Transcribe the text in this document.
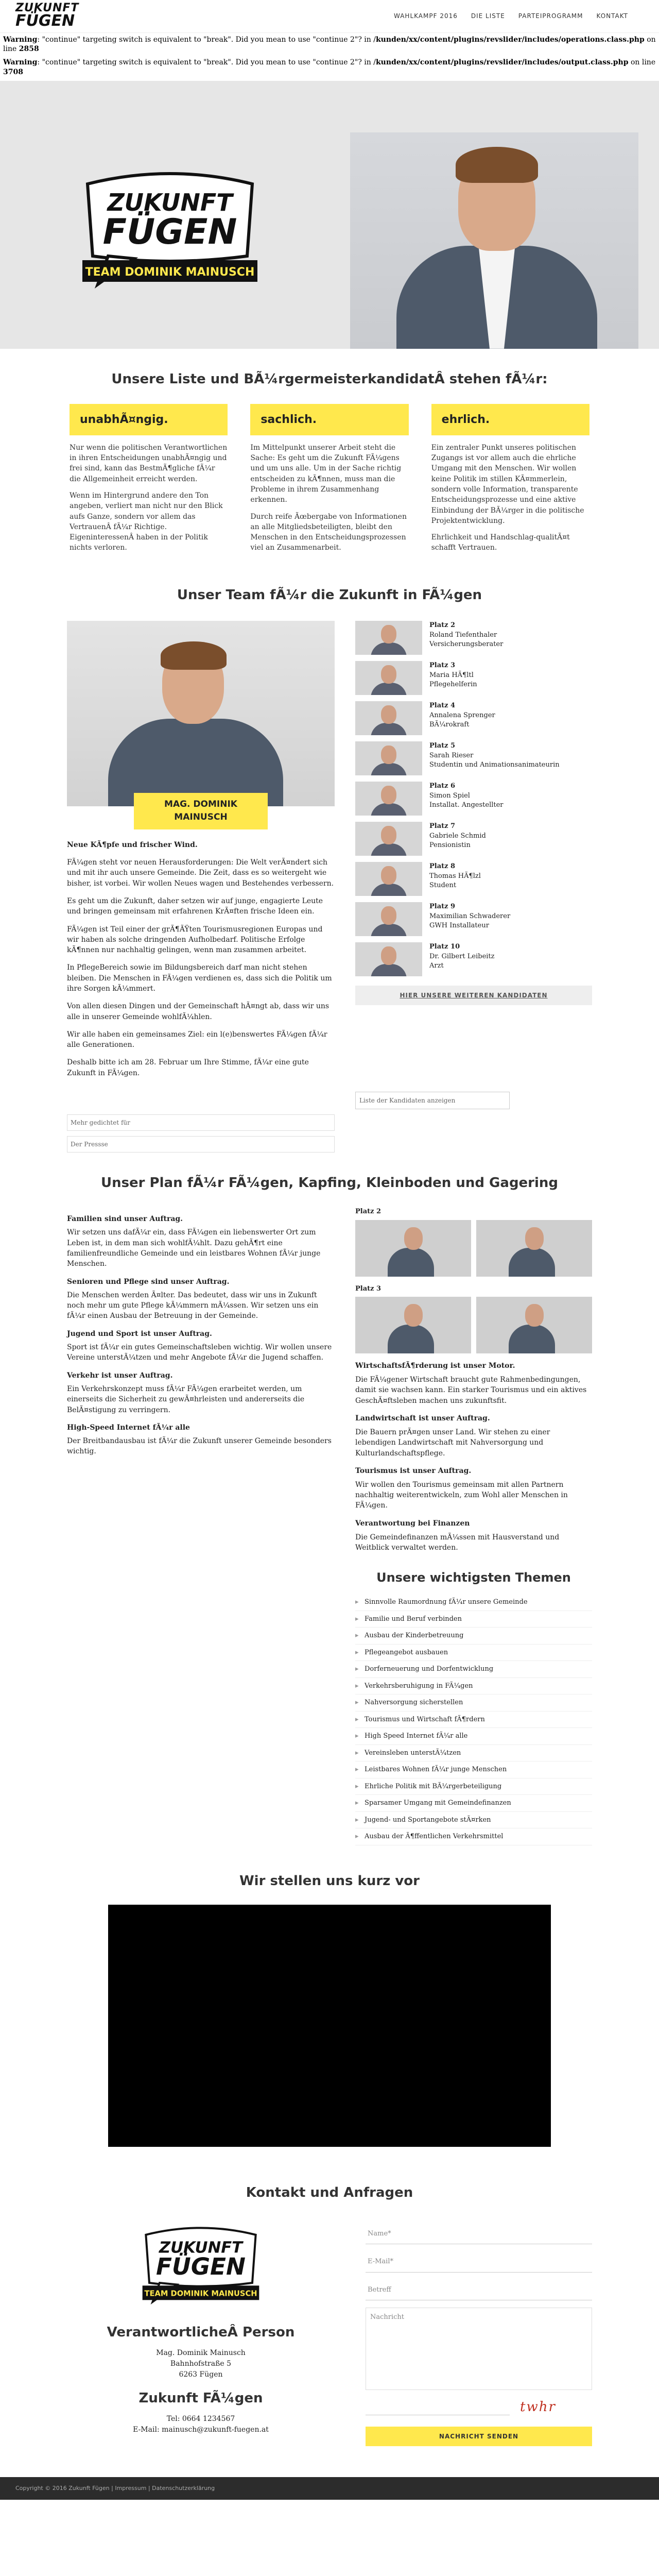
ZUKUNFT
FÜGEN	WAHLKAMPF 2016 DIE LISTE PARTEIPROGRAMM KONTAKT
Warning: "continue" targeting switch is equivalent to "break". Did you mean to use "continue 2"? in /kunden/xx/content/plugins/revslider/includes/operations.class.php on line 2858
Warning: "continue" targeting switch is equivalent to "break". Did you mean to use "continue 2"? in /kunden/xx/content/plugins/revslider/includes/output.class.php on line 3708
ZUKUNFT
FÜGEN
TEAM DOMINIK MAINUSCH
Unsere Liste und BÃ¼rgermeisterkandidatÂ stehen fÃ¼r:
unabhÃ¤ngig.

Nur wenn die politischen Verantwortlichen in ihren Entscheidungen unabhÃ¤ngig und frei sind, kann das BestmÃ¶gliche fÃ¼r die Allgemeinheit erreicht werden.

Wenn im Hintergrund andere den Ton angeben, verliert man nicht nur den Blick aufs Ganze, sondern vor allem das VertrauenÂ fÃ¼r Richtige. EigeninteressenÂ haben in der Politik nichts verloren.

sachlich.

Im Mittelpunkt unserer Arbeit steht die Sache: Es geht um die Zukunft FÃ¼gens und um uns alle. Um in der Sache richtig entscheiden zu kÃ¶nnen, muss man die Probleme in ihrem Zusammenhang erkennen.

Durch reife Ãœbergabe von Informationen an alle Mitgliedsbeteiligten, bleibt den Menschen in den Entscheidungsprozessen viel an Zusammenarbeit.

ehrlich.

Ein zentraler Punkt unseres politischen Zugangs ist vor allem auch die ehrliche Umgang mit den Menschen. Wir wollen keine Politik im stillen KÃ¤mmerlein, sondern volle Information, transparente Entscheidungsprozesse und eine aktive Einbindung der BÃ¼rger in die politische Projektentwicklung.

Ehrlichkeit und Handschlag-qualitÃ¤t schafft Vertrauen.

Unser Team fÃ¼r die Zukunft in FÃ¼gen
MAG. DOMINIK MAINUSCH

Neue KÃ¶pfe und frischer Wind.

FÃ¼gen steht vor neuen Herausforderungen: Die Welt verÃ¤ndert sich und mit ihr auch unsere Gemeinde. Die Zeit, dass es so weitergeht wie bisher, ist vorbei. Wir wollen Neues wagen und Bestehendes verbessern.

Es geht um die Zukunft, daher setzen wir auf junge, engagierte Leute und bringen gemeinsam mit erfahrenen KrÃ¤ften frische Ideen ein.

FÃ¼gen ist Teil einer der grÃ¶ÃŸten Tourismusregionen Europas und wir haben als solche dringenden Aufholbedarf. Politische Erfolge kÃ¶nnen nur nachhaltig gelingen, wenn man zusammen arbeitet.

In PflegeBereich sowie im Bildungsbereich darf man nicht stehen bleiben. Die Menschen in FÃ¼gen verdienen es, dass sich die Politik um ihre Sorgen kÃ¼mmert.

Von allen diesen Dingen und der Gemeinschaft hÃ¤ngt ab, dass wir uns alle in unserer Gemeinde wohlfÃ¼hlen.

Wir alle haben ein gemeinsames Ziel: ein l(e)benswertes FÃ¼gen fÃ¼r alle Generationen.

Deshalb bitte ich am 28. Februar um Ihre Stimme, fÃ¼r eine gute Zukunft in FÃ¼gen.

Platz 2
Roland Tiefenthaler
Versicherungsberater
Platz 3
Maria HÃ¶ltl
Pflegehelferin
Platz 4
Annalena Sprenger
BÃ¼rokraft
Platz 5
Sarah Rieser
Studentin und Animationsanimateurin
Platz 6
Simon Spiel
Installat. Angestellter
Platz 7
Gabriele Schmid
Pensionistin
Platz 8
Thomas HÃ¶lzl
Student
Platz 9
Maximilian Schwaderer
GWH Installateur
Platz 10
Dr. Gilbert Leibeitz
Arzt
HIER UNSERE WEITEREN KANDIDATEN
Liste der Kandidaten anzeigen
Mehr gedichtet für
Der Pressse
Unser Plan fÃ¼r FÃ¼gen, Kapfing, Kleinboden und Gagering
Familien sind unser Auftrag.

Wir setzen uns dafÃ¼r ein, dass FÃ¼gen ein liebenswerter Ort zum Leben ist, in dem man sich wohlfÃ¼hlt. Dazu gehÃ¶rt eine familienfreundliche Gemeinde und ein leistbares Wohnen fÃ¼r junge Menschen.

Senioren und Pflege sind unser Auftrag.

Die Menschen werden Ã¤lter. Das bedeutet, dass wir uns in Zukunft noch mehr um gute Pflege kÃ¼mmern mÃ¼ssen. Wir setzen uns ein fÃ¼r einen Ausbau der Betreuung in der Gemeinde.

Jugend und Sport ist unser Auftrag.

Sport ist fÃ¼r ein gutes Gemeinschaftsleben wichtig. Wir wollen unsere Vereine unterstÃ¼tzen und mehr Angebote fÃ¼r die Jugend schaffen.

Verkehr ist unser Auftrag.

Ein Verkehrskonzept muss fÃ¼r FÃ¼gen erarbeitet werden, um einerseits die Sicherheit zu gewÃ¤hrleisten und andererseits die BelÃ¤stigung zu verringern.

High-Speed Internet fÃ¼r alle

Der Breitbandausbau ist fÃ¼r die Zukunft unserer Gemeinde besonders wichtig.

Platz 2
Platz 3
WirtschaftsfÃ¶rderung ist unser Motor.

Die FÃ¼gener Wirtschaft braucht gute Rahmenbedingungen, damit sie wachsen kann. Ein starker Tourismus und ein aktives GeschÃ¤ftsleben machen uns zukunftsfit.

Landwirtschaft ist unser Auftrag.

Die Bauern prÃ¤gen unser Land. Wir stehen zu einer lebendigen Landwirtschaft mit Nahversorgung und Kulturlandschaftspflege.

Tourismus ist unser Auftrag.

Wir wollen den Tourismus gemeinsam mit allen Partnern nachhaltig weiterentwickeln, zum Wohl aller Menschen in FÃ¼gen.

Verantwortung bei Finanzen

Die Gemeindefinanzen mÃ¼ssen mit Hausverstand und Weitblick verwaltet werden.

Unsere wichtigsten Themen
▸ Sinnvolle Raumordnung fÃ¼r unsere Gemeinde
▸ Familie und Beruf verbinden
▸ Ausbau der Kinderbetreuung
▸ Pflegeangebot ausbauen
▸ Dorferneuerung und Dorfentwicklung
▸ Verkehrsberuhigung in FÃ¼gen
▸ Nahversorgung sicherstellen
▸ Tourismus und Wirtschaft fÃ¶rdern
▸ High Speed Internet fÃ¼r alle
▸ Vereinsleben unterstÃ¼tzen
▸ Leistbares Wohnen fÃ¼r junge Menschen
▸ Ehrliche Politik mit BÃ¼rgerbeteiligung
▸ Sparsamer Umgang mit Gemeindefinanzen
▸ Jugend- und Sportangebote stÃ¤rken
▸ Ausbau der Ã¶ffentlichen Verkehrsmittel
Wir stellen uns kurz vor
Kontakt und Anfragen
ZUKUNFT
FÜGEN
TEAM DOMINIK MAINUSCH
VerantwortlicheÂ Person
Mag. Dominik Mainusch
Bahnhofstraße 5
6263 Fügen
Zukunft FÃ¼gen
Tel: 0664 1234567
E-Mail: mainusch@zukunft-fuegen.at
Name*
E-Mail*
Betreff
Nachricht
twhr
NACHRICHT SENDEN
Copyright © 2016 Zukunft Fügen | Impressum | Datenschutzerklärung
